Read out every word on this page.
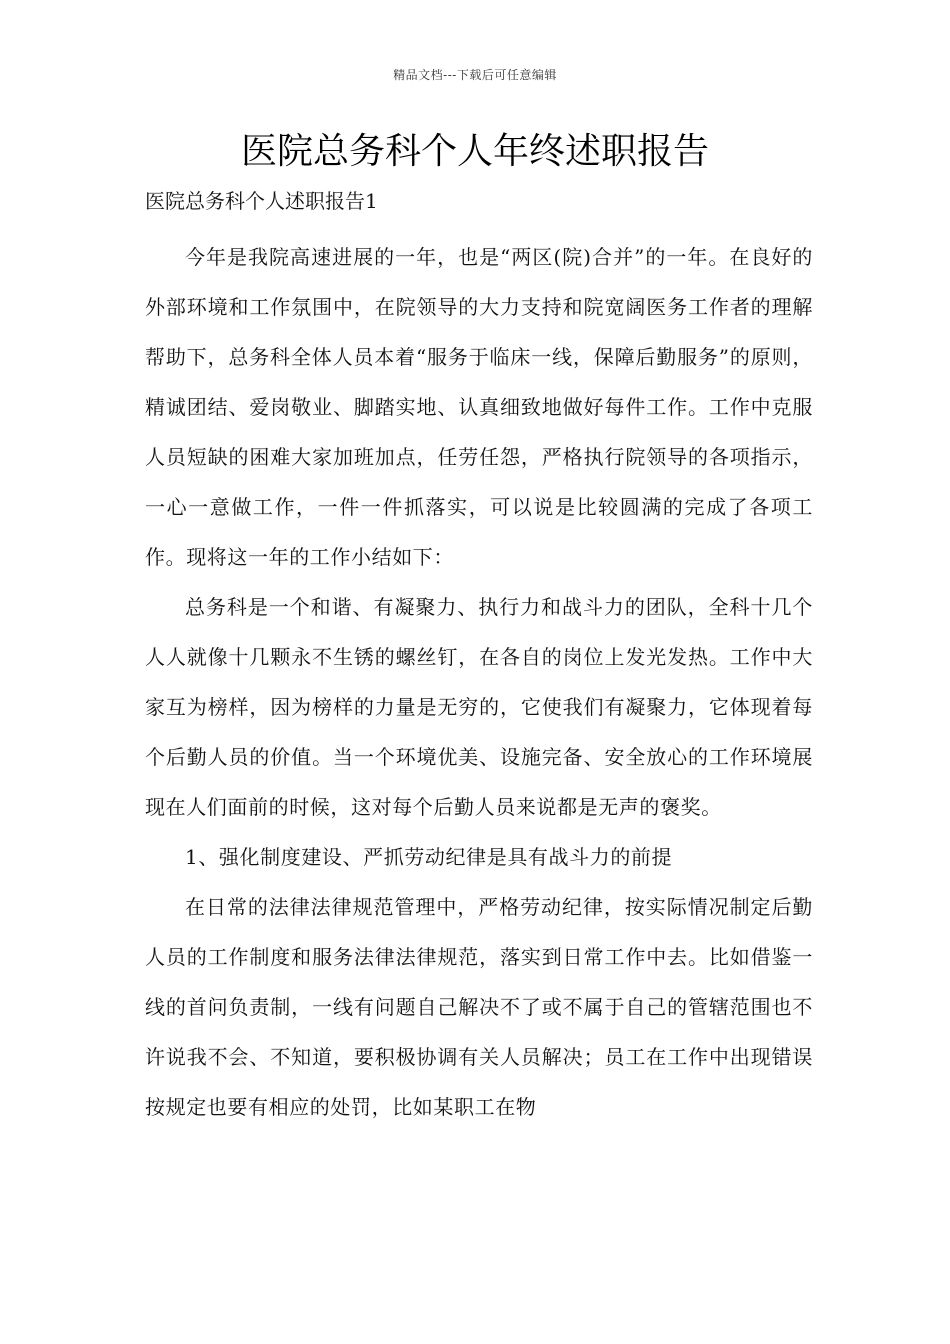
精品文档---下载后可任意编辑
医院总务科个人年终述职报告

医院总务科个人述职报告1

今年是我院高速进展的一年，也是“两区(院)合并”的一年。在良好的外部环境和工作氛围中，在院领导的大力支持和院宽阔医务工作者的理解帮助下，总务科全体人员本着“服务于临床一线，保障后勤服务”的原则，精诚团结、爱岗敬业、脚踏实地、认真细致地做好每件工作。工作中克服人员短缺的困难大家加班加点，任劳任怨，严格执行院领导的各项指示，一心一意做工作，一件一件抓落实，可以说是比较圆满的完成了各项工作。现将这一年的工作小结如下：

总务科是一个和谐、有凝聚力、执行力和战斗力的团队，全科十几个人人就像十几颗永不生锈的螺丝钉，在各自的岗位上发光发热。工作中大家互为榜样，因为榜样的力量是无穷的，它使我们有凝聚力，它体现着每个后勤人员的价值。当一个环境优美、设施完备、安全放心的工作环境展现在人们面前的时候，这对每个后勤人员来说都是无声的褒奖。

1、强化制度建设、严抓劳动纪律是具有战斗力的前提

在日常的法律法律规范管理中，严格劳动纪律，按实际情况制定后勤人员的工作制度和服务法律法律规范，落实到日常工作中去。比如借鉴一线的首问负责制，一线有问题自己解决不了或不属于自己的管辖范围也不许说我不会、不知道，要积极协调有关人员解决；员工在工作中出现错误按规定也要有相应的处罚，比如某职工在物
